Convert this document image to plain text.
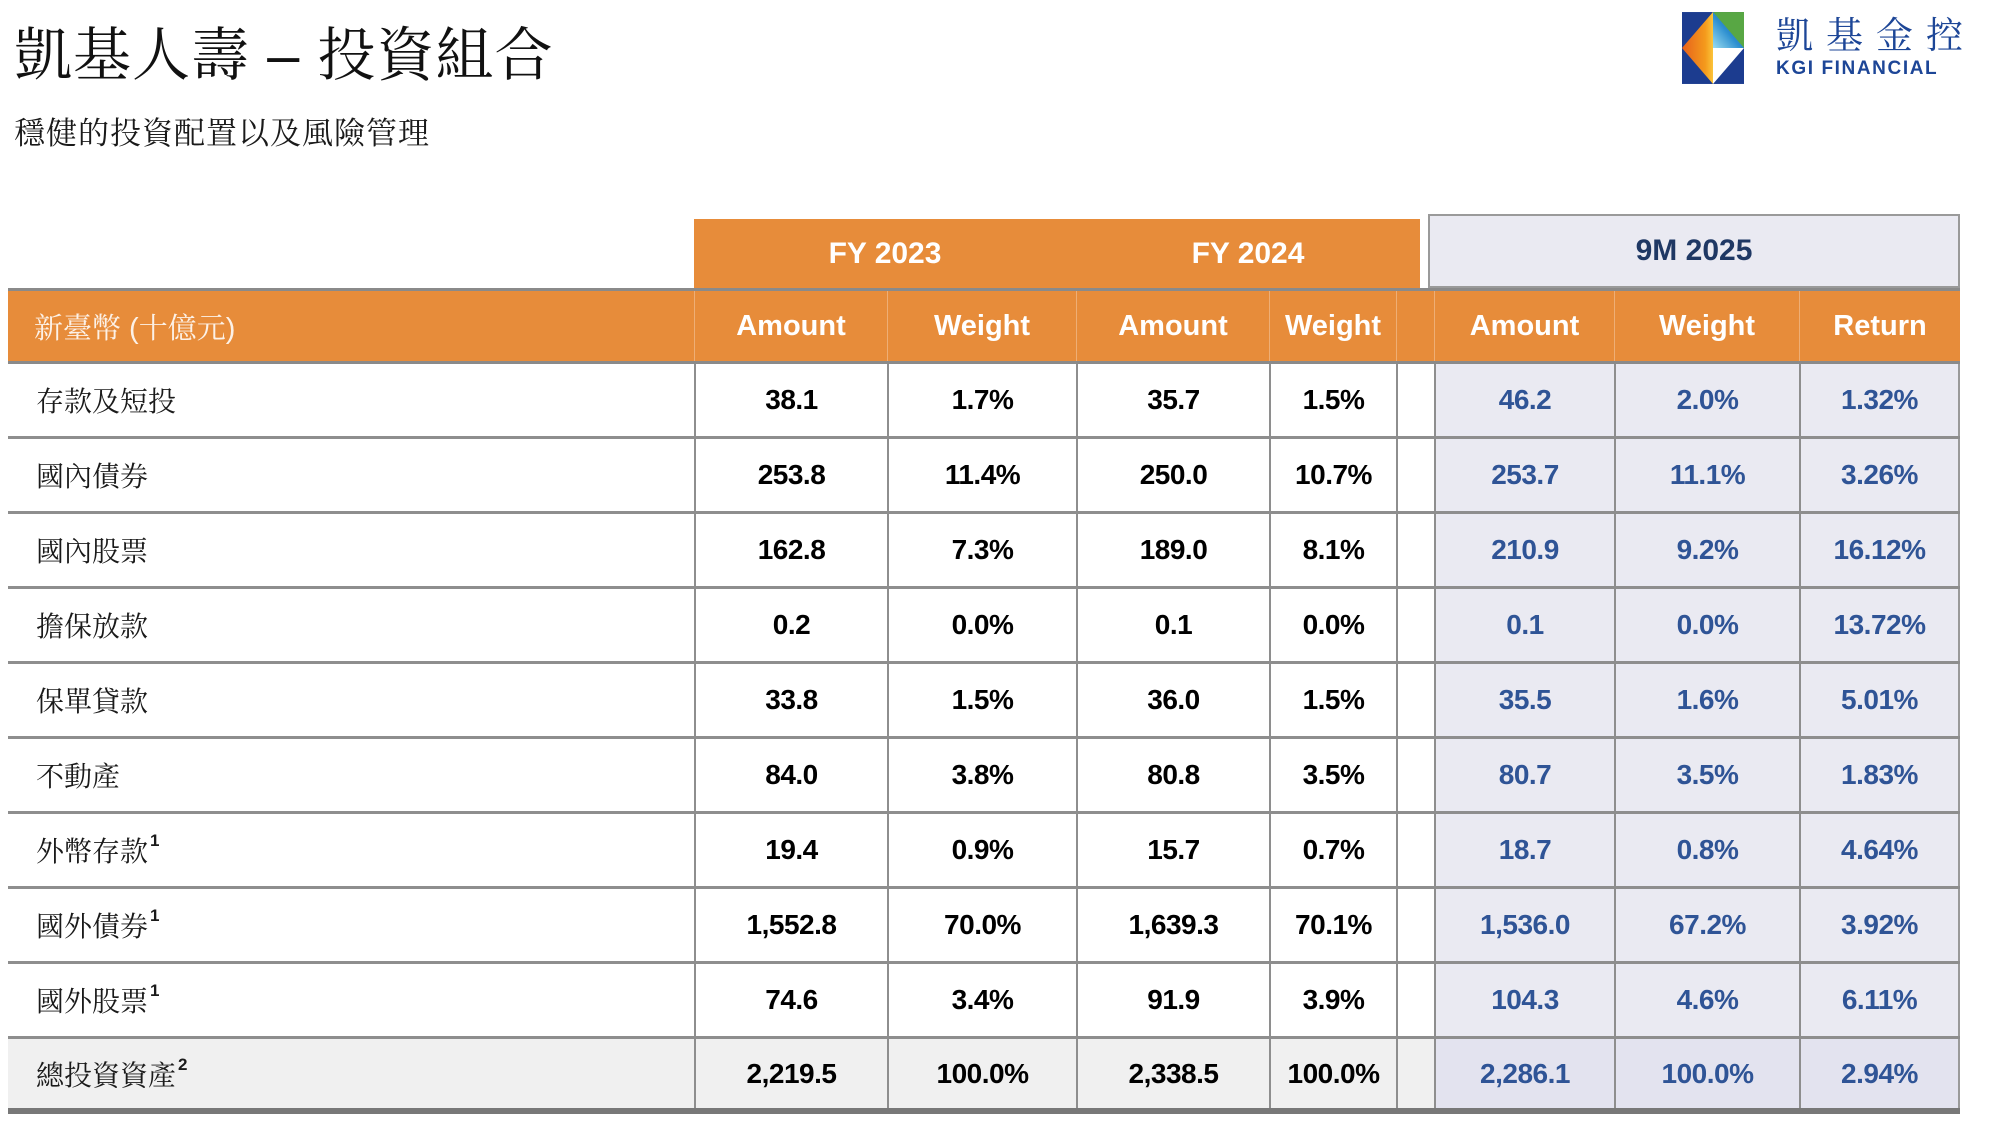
凱基人壽 – 投資組合
穩健的投資配置以及風險管理
凱基金控
KGI FINANCIAL
FY 2023	FY 2024	9M 2025
新臺幣 (十億元)	Amount	Weight	Amount	Weight	Amount	Weight	Return
存款及短投	38.1	1.7%	35.7	1.5%	46.2	2.0%	1.32%
國內債券	253.8	11.4%	250.0	10.7%	253.7	11.1%	3.26%
國內股票	162.8	7.3%	189.0	8.1%	210.9	9.2%	16.12%
擔保放款	0.2	0.0%	0.1	0.0%	0.1	0.0%	13.72%
保單貸款	33.8	1.5%	36.0	1.5%	35.5	1.6%	5.01%
不動產	84.0	3.8%	80.8	3.5%	80.7	3.5%	1.83%
外幣存款$^1$	19.4	0.9%	15.7	0.7%	18.7	0.8%	4.64%
國外債券$^1$	1,552.8	70.0%	1,639.3	70.1%	1,536.0	67.2%	3.92%
國外股票$^1$	74.6	3.4%	91.9	3.9%	104.3	4.6%	6.11%
總投資資產$^2$	2,219.5	100.0%	2,338.5	100.0%	2,286.1	100.0%	2.94%
